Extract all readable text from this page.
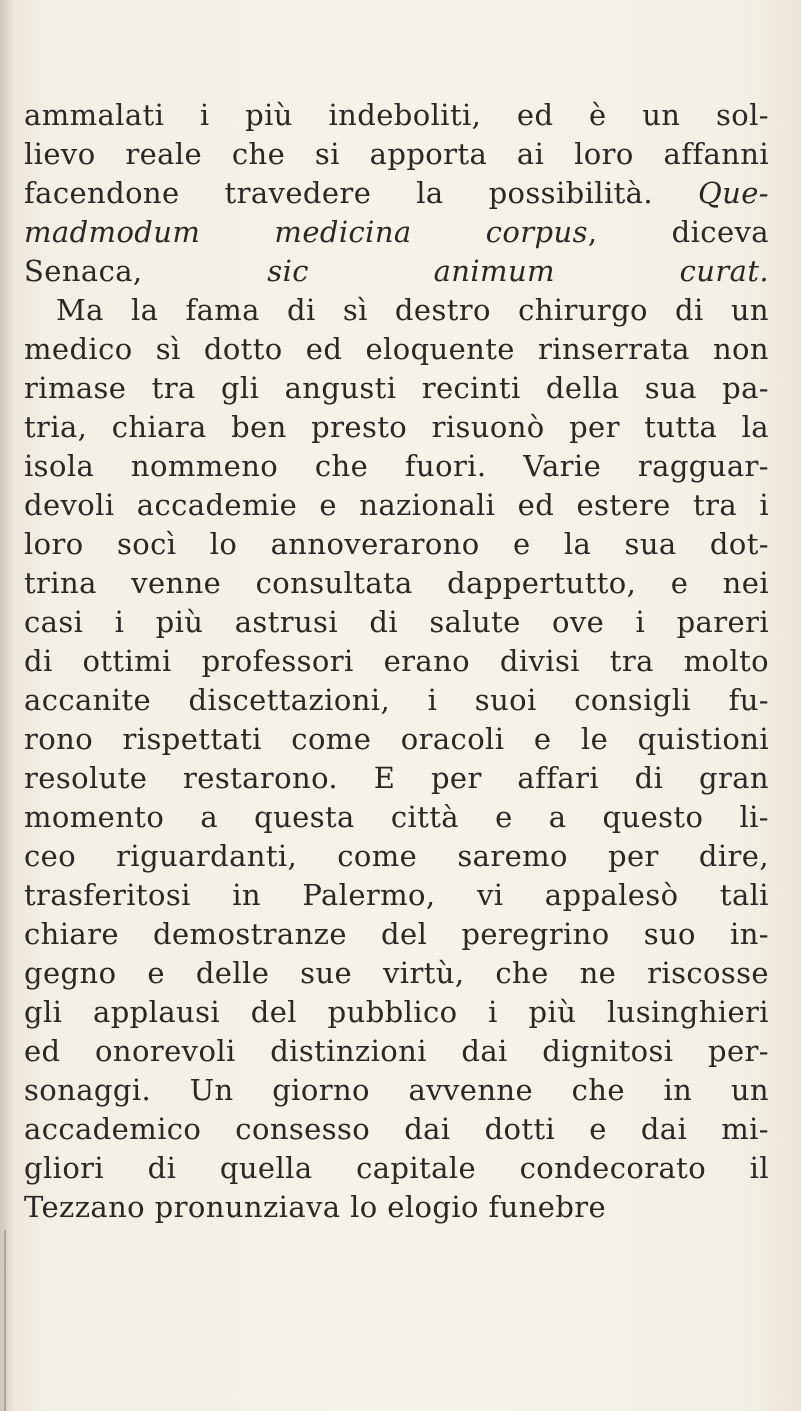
ammalati i più indeboliti, ed è un sol-
lievo reale che si apporta ai loro affanni
facendone travedere la possibilità. Que-
madmodum medicina corpus, diceva
Senaca, sic animum curat.
Ma la fama di sì destro chirurgo di un
medico sì dotto ed eloquente rinserrata non
rimase tra gli angusti recinti della sua pa-
tria, chiara ben presto risuonò per tutta la
isola nommeno che fuori. Varie ragguar-
devoli accademie e nazionali ed estere tra i
loro socì lo annoverarono e la sua dot-
trina venne consultata dappertutto, e nei
casi i più astrusi di salute ove i pareri
di ottimi professori erano divisi tra molto
accanite discettazioni, i suoi consigli fu-
rono rispettati come oracoli e le quistioni
resolute restarono. E per affari di gran
momento a questa città e a questo li-
ceo riguardanti, come saremo per dire,
trasferitosi in Palermo, vi appalesò tali
chiare demostranze del peregrino suo in-
gegno e delle sue virtù, che ne riscosse
gli applausi del pubblico i più lusinghieri
ed onorevoli distinzioni dai dignitosi per-
sonaggi. Un giorno avvenne che in un
accademico consesso dai dotti e dai mi-
gliori di quella capitale condecorato il
Tezzano pronunziava lo elogio funebre
